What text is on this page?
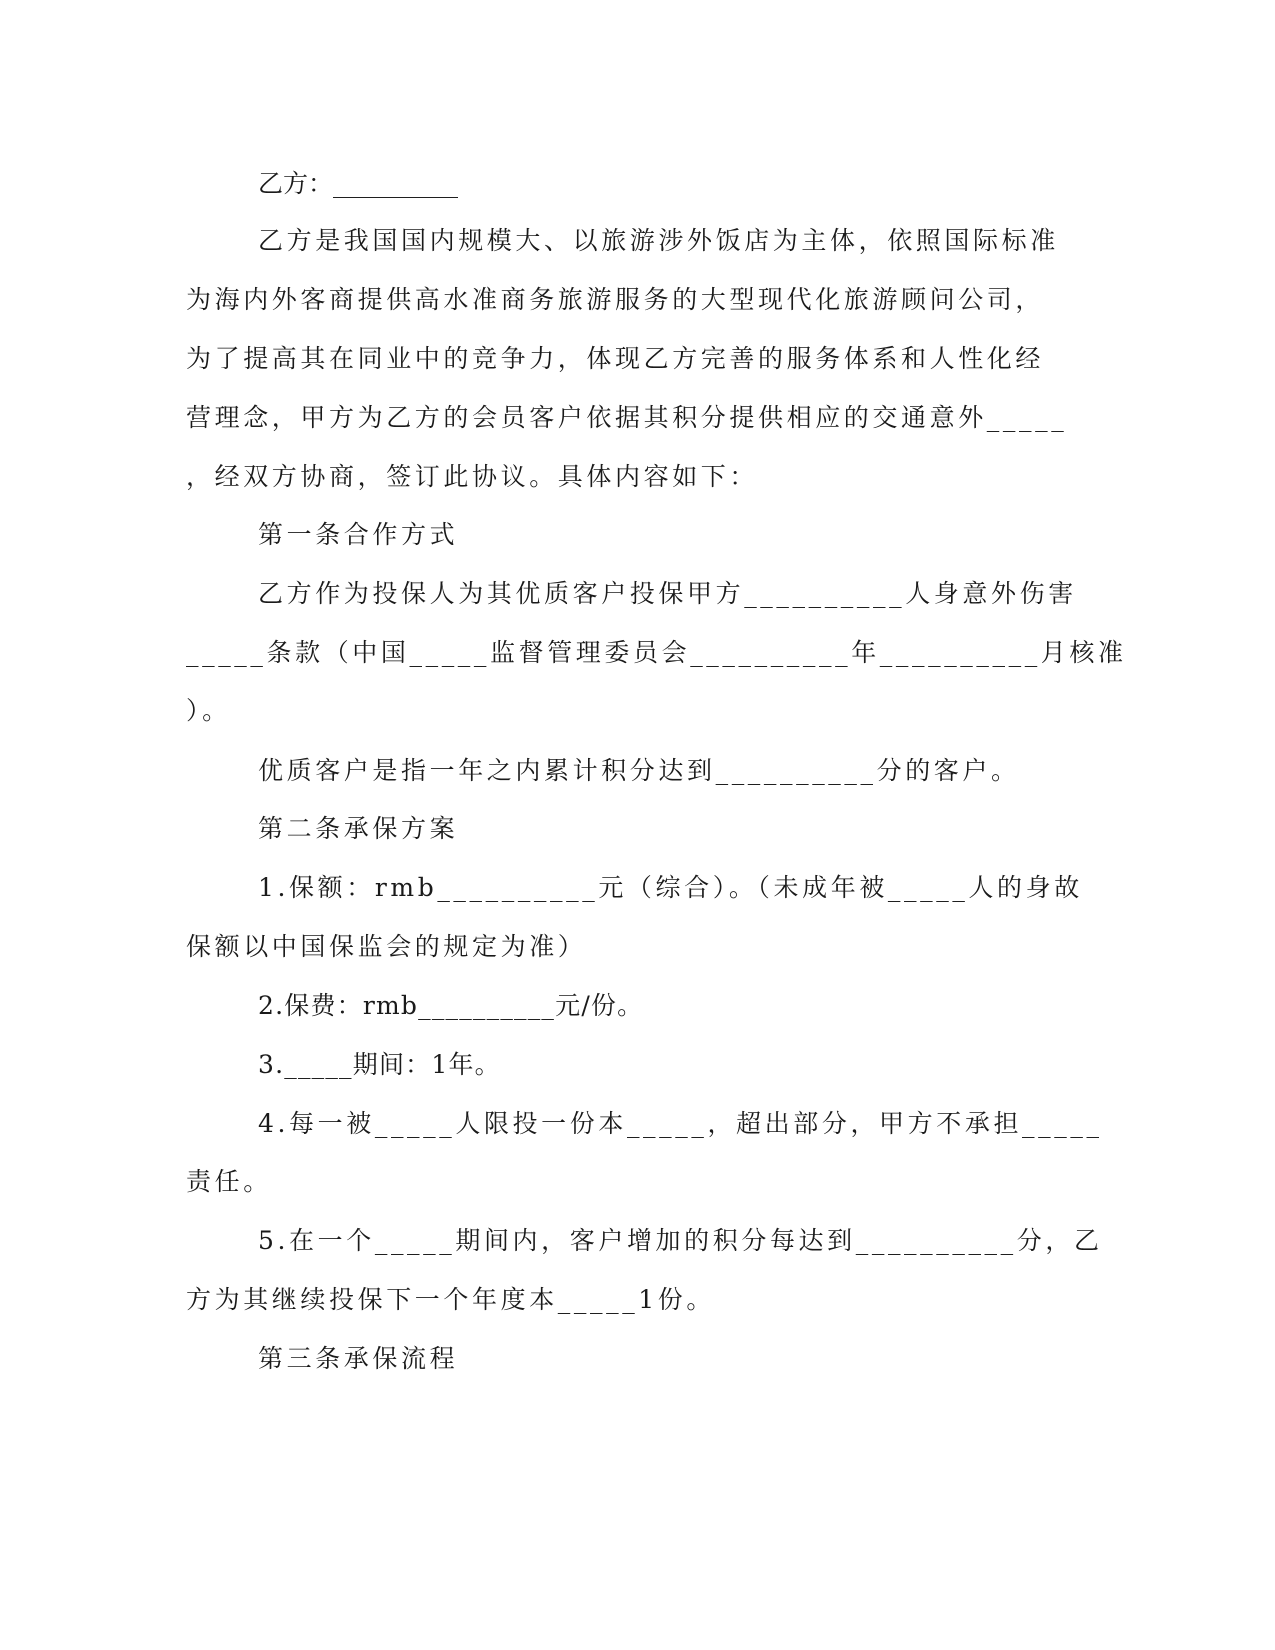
乙方：__________
乙方是我国国内规模大、以旅游涉外饭店为主体，依照国际标准
为海内外客商提供高水准商务旅游服务的大型现代化旅游顾问公司，
为了提高其在同业中的竞争力，体现乙方完善的服务体系和人性化经
营理念，甲方为乙方的会员客户依据其积分提供相应的交通意外_____
，经双方协商，签订此协议。具体内容如下：
第一条合作方式
乙方作为投保人为其优质客户投保甲方__________人身意外伤害
_____条款（中国_____监督管理委员会__________年__________月核准
）。
优质客户是指一年之内累计积分达到__________分的客户。
第二条承保方案
1.保额：rmb__________元（综合）。（未成年被_____人的身故
保额以中国保监会的规定为准）
2.保费：rmb__________元/份。
3._____期间：1年。
4.每一被_____人限投一份本_____，超出部分，甲方不承担_____
责任。
5.在一个_____期间内，客户增加的积分每达到__________分，乙
方为其继续投保下一个年度本_____1份。
第三条承保流程
